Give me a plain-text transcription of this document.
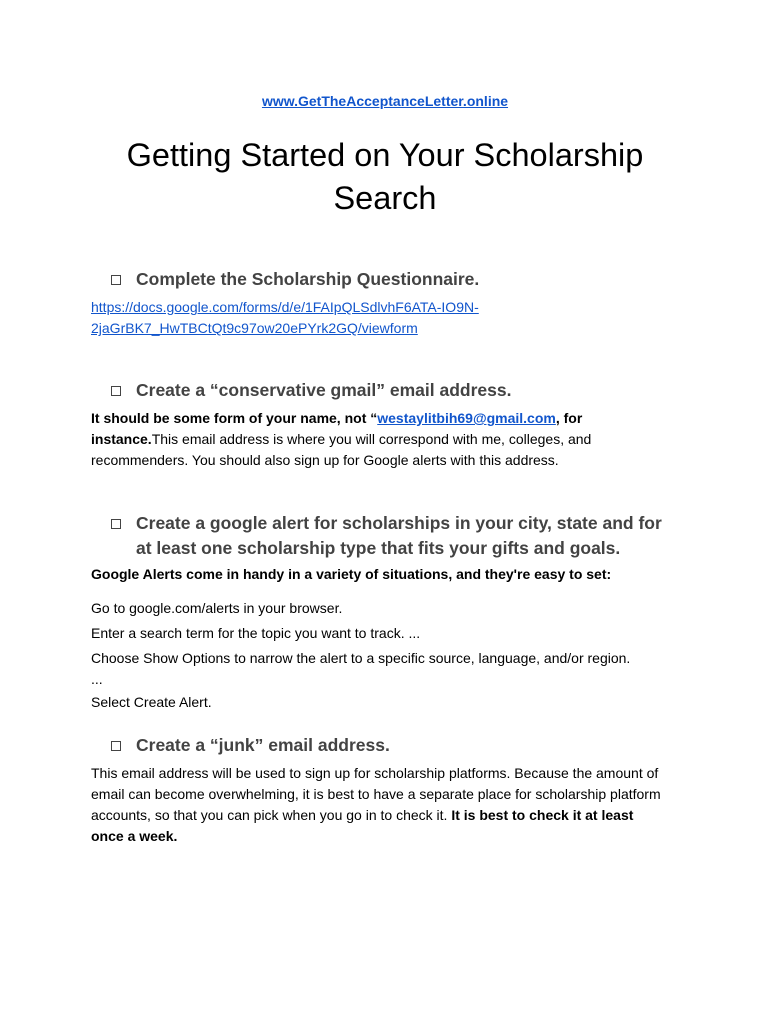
www.GetTheAcceptanceLetter.online
Getting Started on Your Scholarship
Search
Complete the Scholarship Questionnaire.
https://docs.google.com/forms/d/e/1FAIpQLSdlvhF6ATA-IO9N-
2jaGrBK7_HwTBCtQt9c97ow20ePYrk2GQ/viewform
Create a “conservative gmail” email address.
It should be some form of your name, not “westaylitbih69@gmail.com, for instance.This email address is where you will correspond with me, colleges, and recommenders. You should also sign up for Google alerts with this address.
Create a google alert for scholarships in your city, state and for at least one scholarship type that fits your gifts and goals.
Google Alerts come in handy in a variety of situations, and they're easy to set:
Go to google.com/alerts in your browser.
Enter a search term for the topic you want to track. ...
Choose Show Options to narrow the alert to a specific source, language, and/or region.
...
Select Create Alert.
Create a “junk” email address.
This email address will be used to sign up for scholarship platforms. Because the amount of email can become overwhelming, it is best to have a separate place for scholarship platform accounts, so that you can pick when you go in to check it. It is best to check it at least once a week.
